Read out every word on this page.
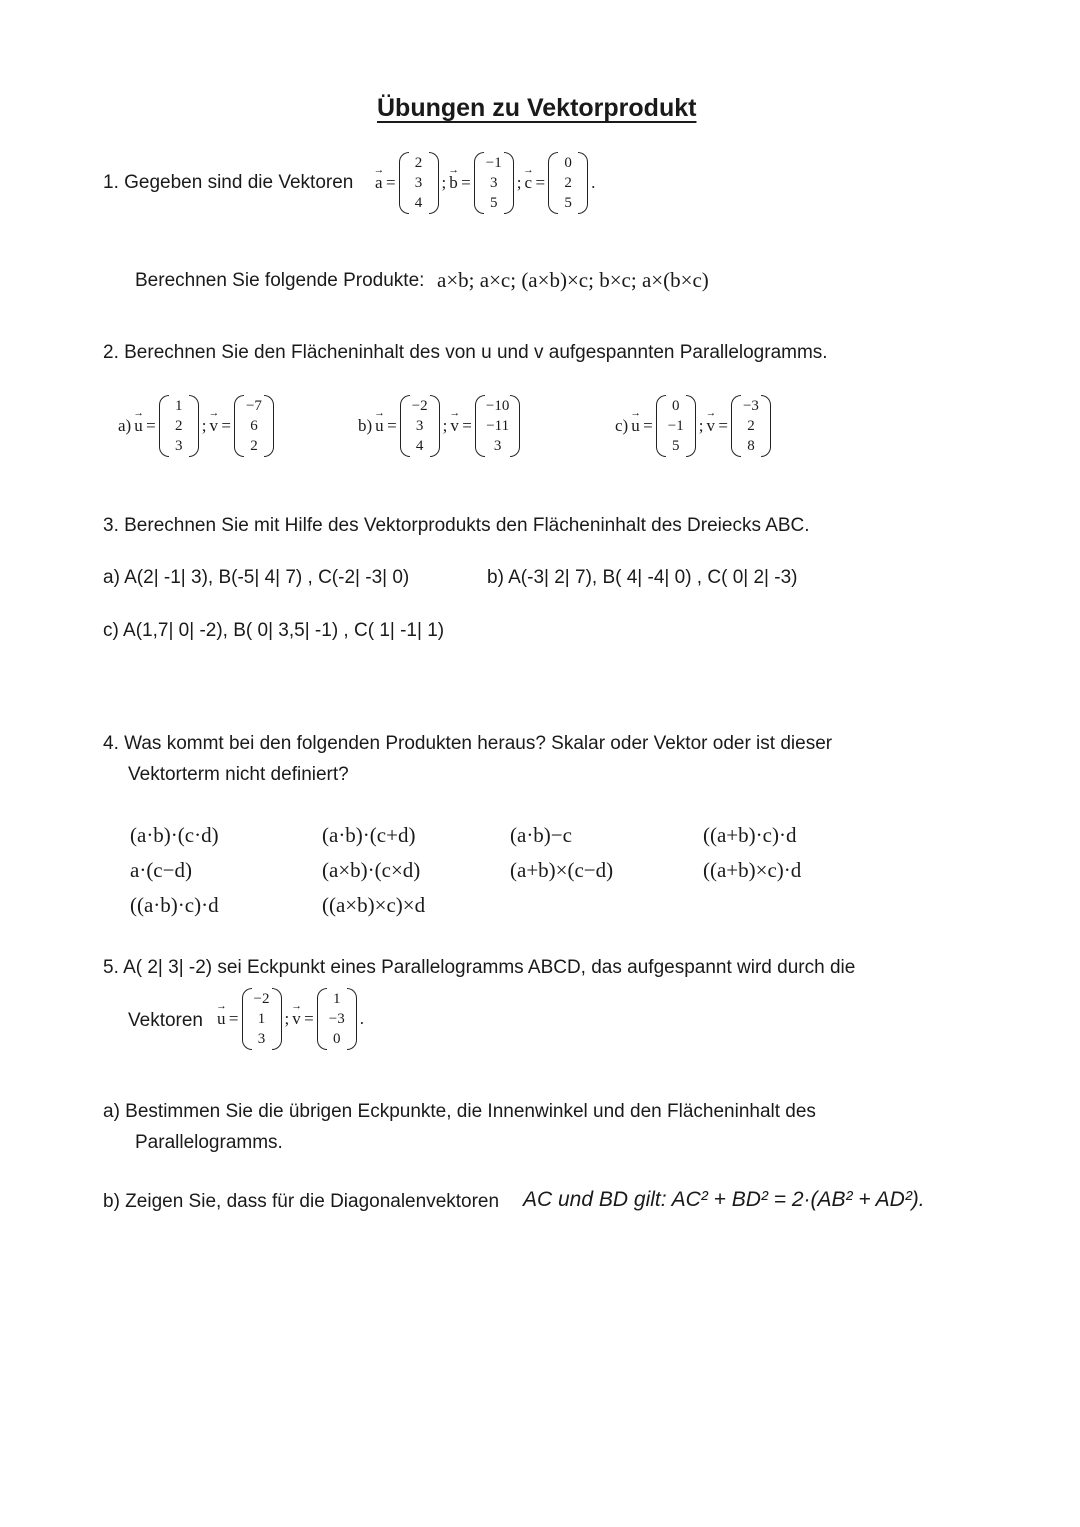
Übungen zu Vektorprodukt
1. Gegeben sind die Vektoren a →  =
2
3
4
; b →  =
−1
3
5
; c →  =
0
2
5
.
Berechnen Sie folgende Produkte: a×b; a×c; (a×b)×c; b×c; a×(b×c)
2. Berechnen Sie den Flächeninhalt des von u und v aufgespannten Parallelogramms.
a) u →  =
1
2
3
; v →  =
−7
6
2
b) u →  =
−2
3
4
; v →  =
−10
−11
3
c) u →  =
0
−1
5
; v →  =
−3
2
8
3. Berechnen Sie mit Hilfe des Vektorprodukts den Flächeninhalt des Dreiecks ABC.
a) A(2| -1| 3), B(-5| 4| 7) , C(-2| -3| 0)	b) A(-3| 2| 7), B( 4| -4| 0) , C( 0| 2| -3)
c) A(1,7| 0| -2), B( 0| 3,5| -1) , C( 1| -1| 1)
4. Was kommt bei den folgenden Produkten heraus? Skalar oder Vektor oder ist dieser
Vektorterm nicht definiert?
(a·b)·(c·d)
a·(c−d)
((a·b)·c)·d
(a·b)·(c+d)
(a×b)·(c×d)
((a×b)×c)×d
(a·b)−c
(a+b)×(c−d)
((a+b)·c)·d
((a+b)×c)·d
5. A( 2| 3| -2) sei Eckpunkt eines Parallelogramms ABCD, das aufgespannt wird durch die
Vektoren u →  =
−2
1
3
; v →  =
1
−3
0
.
a) Bestimmen Sie die übrigen Eckpunkte, die Innenwinkel und den Flächeninhalt des
Parallelogramms.
b) Zeigen Sie, dass für die Diagonalenvektoren AC und BD gilt: AC² + BD² = 2·(AB² + AD²).
